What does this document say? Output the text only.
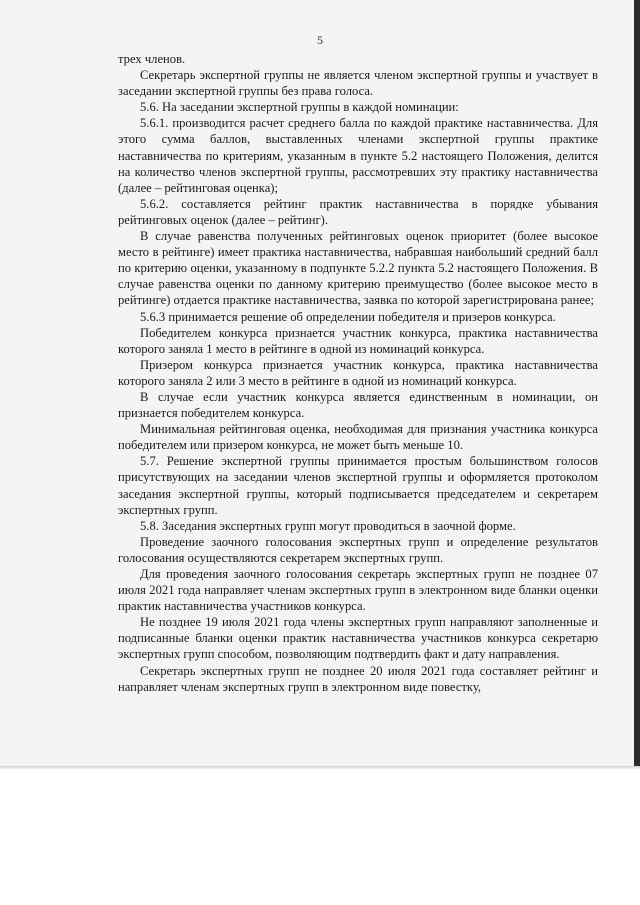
5

трех членов.

Секретарь экспертной группы не является членом экспертной группы и участвует в заседании экспертной группы без права голоса.

5.6. На заседании экспертной группы в каждой номинации:

5.6.1. производится расчет среднего балла по каждой практике наставничества. Для этого сумма баллов, выставленных членами экспертной группы практике наставничества по критериям, указанным в пункте 5.2 настоящего Положения, делится на количество членов экспертной группы, рассмотревших эту практику наставничества (далее – рейтинговая оценка);

5.6.2. составляется рейтинг практик наставничества в порядке убывания рейтинговых оценок (далее – рейтинг).

В случае равенства полученных рейтинговых оценок приоритет (более высокое место в рейтинге) имеет практика наставничества, набравшая наибольший средний балл по критерию оценки, указанному в подпункте 5.2.2 пункта 5.2 настоящего Положения. В случае равенства оценки по данному критерию преимущество (более высокое место в рейтинге) отдается практике наставничества, заявка по которой зарегистрирована ранее;

5.6.3 принимается решение об определении победителя и призеров конкурса.

Победителем конкурса признается участник конкурса, практика наставничества которого заняла 1 место в рейтинге в одной из номинаций конкурса.

Призером конкурса признается участник конкурса, практика наставничества которого заняла 2 или 3 место в рейтинге в одной из номинаций конкурса.

В случае если участник конкурса является единственным в номинации, он признается победителем конкурса.

Минимальная рейтинговая оценка, необходимая для признания участника конкурса победителем или призером конкурса, не может быть меньше 10.

5.7. Решение экспертной группы принимается простым большинством голосов присутствующих на заседании членов экспертной группы и оформляется протоколом заседания экспертной группы, который подписывается председателем и секретарем экспертных групп.

5.8. Заседания экспертных групп могут проводиться в заочной форме.

Проведение заочного голосования экспертных групп и определение результатов голосования осуществляются секретарем экспертных групп.

Для проведения заочного голосования секретарь экспертных групп не позднее 07 июля 2021 года направляет членам экспертных групп в электронном виде бланки оценки практик наставничества участников конкурса.

Не позднее 19 июля 2021 года члены экспертных групп направляют заполненные и подписанные бланки оценки практик наставничества участников конкурса секретарю экспертных групп способом, позволяющим подтвердить факт и дату направления.

Секретарь экспертных групп не позднее 20 июля 2021 года составляет рейтинг и направляет членам экспертных групп в электронном виде повестку,
